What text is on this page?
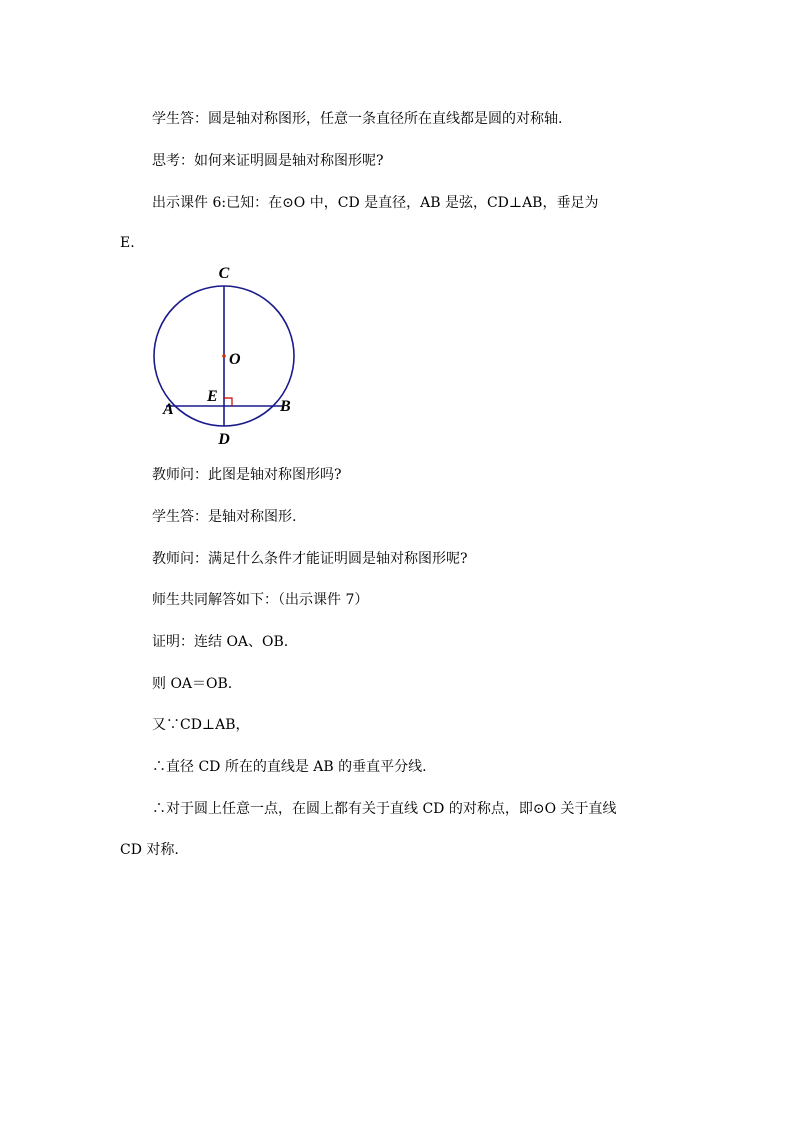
学生答：圆是轴对称图形，任意一条直径所在直线都是圆的对称轴.
思考：如何来证明圆是轴对称图形呢?
出示课件 6:已知：在⊙O 中，CD 是直径，AB 是弦，CD⊥AB，垂足为
E.
C
O
E
A	B
D
教师问：此图是轴对称图形吗?
学生答：是轴对称图形.
教师问：满足什么条件才能证明圆是轴对称图形呢?
师生共同解答如下：（出示课件 7）
证明：连结 OA、OB.
则 OA＝OB.
又∵CD⊥AB，
∴直径 CD 所在的直线是 AB 的垂直平分线.
∴对于圆上任意一点，在圆上都有关于直线 CD 的对称点，即⊙O 关于直线
CD 对称.
